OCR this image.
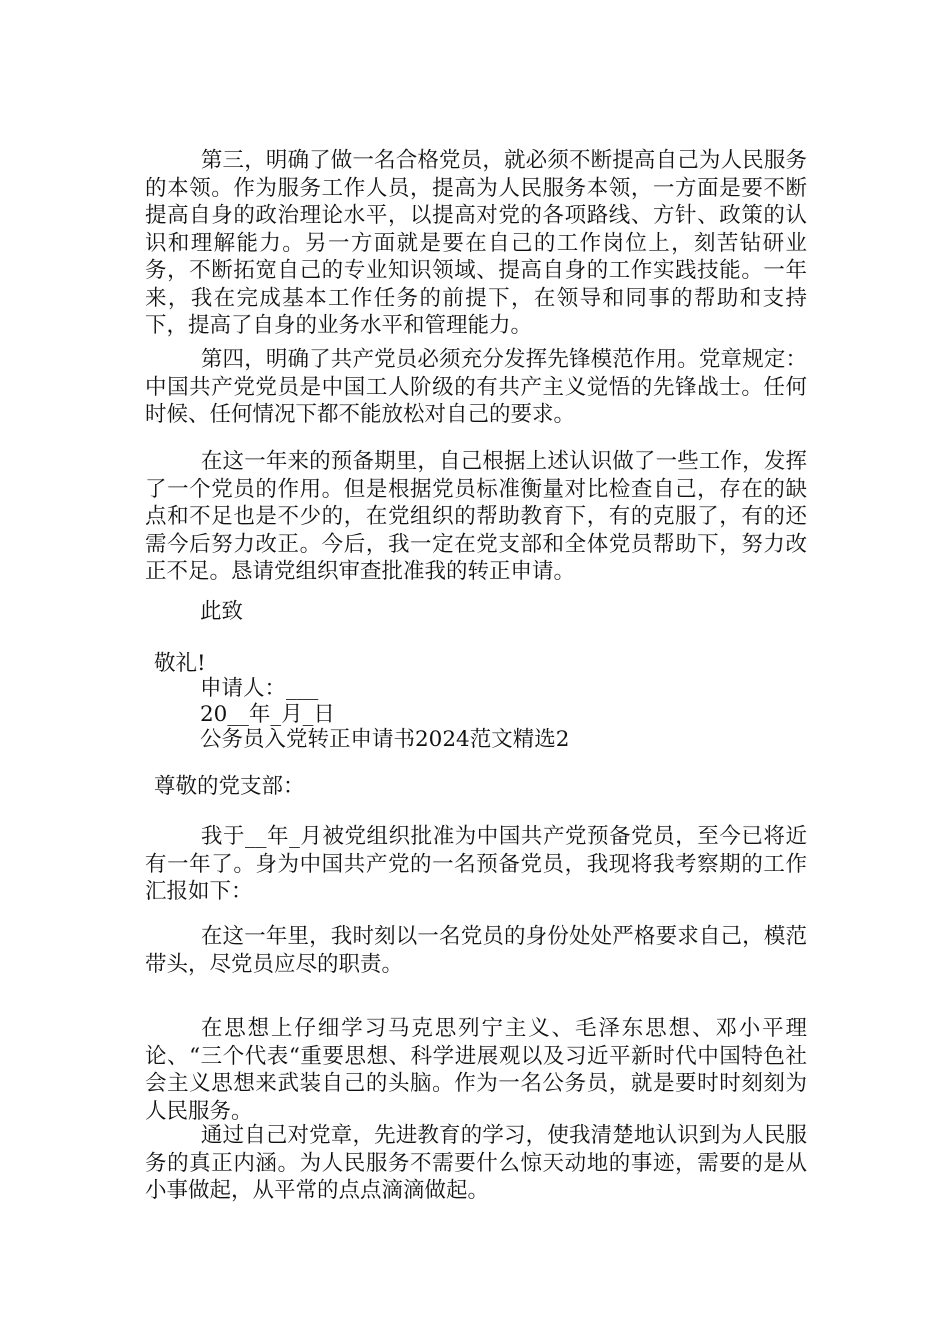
第三，明确了做一名合格党员，就必须不断提高自己为人民服务的本领。作为服务工作人员，提高为人民服务本领，一方面是要不断提高自身的政治理论水平，以提高对党的各项路线、方针、政策的认识和理解能力。另一方面就是要在自己的工作岗位上，刻苦钻研业务，不断拓宽自己的专业知识领域、提高自身的工作实践技能。一年来，我在完成基本工作任务的前提下，在领导和同事的帮助和支持下，提高了自身的业务水平和管理能力。

第四，明确了共产党员必须充分发挥先锋模范作用。党章规定：中国共产党党员是中国工人阶级的有共产主义觉悟的先锋战士。任何时候、任何情况下都不能放松对自己的要求。

在这一年来的预备期里，自己根据上述认识做了一些工作，发挥了一个党员的作用。但是根据党员标准衡量对比检查自己，存在的缺点和不足也是不少的，在党组织的帮助教育下，有的克服了，有的还需今后努力改正。今后，我一定在党支部和全体党员帮助下，努力改正不足。恳请党组织审查批准我的转正申请。

此致

敬礼!

申请人：___

20__年_月_日

公务员入党转正申请书2024范文精选2

尊敬的党支部：

我于__年_月被党组织批准为中国共产党预备党员，至今已将近有一年了。身为中国共产党的一名预备党员，我现将我考察期的工作汇报如下：

在这一年里，我时刻以一名党员的身份处处严格要求自己，模范带头，尽党员应尽的职责。

在思想上仔细学习马克思列宁主义、毛泽东思想、邓小平理论、“三个代表“重要思想、科学进展观以及习近平新时代中国特色社会主义思想来武装自己的头脑。作为一名公务员，就是要时时刻刻为人民服务。

通过自己对党章，先进教育的学习，使我清楚地认识到为人民服务的真正内涵。为人民服务不需要什么惊天动地的事迹，需要的是从小事做起，从平常的点点滴滴做起。
